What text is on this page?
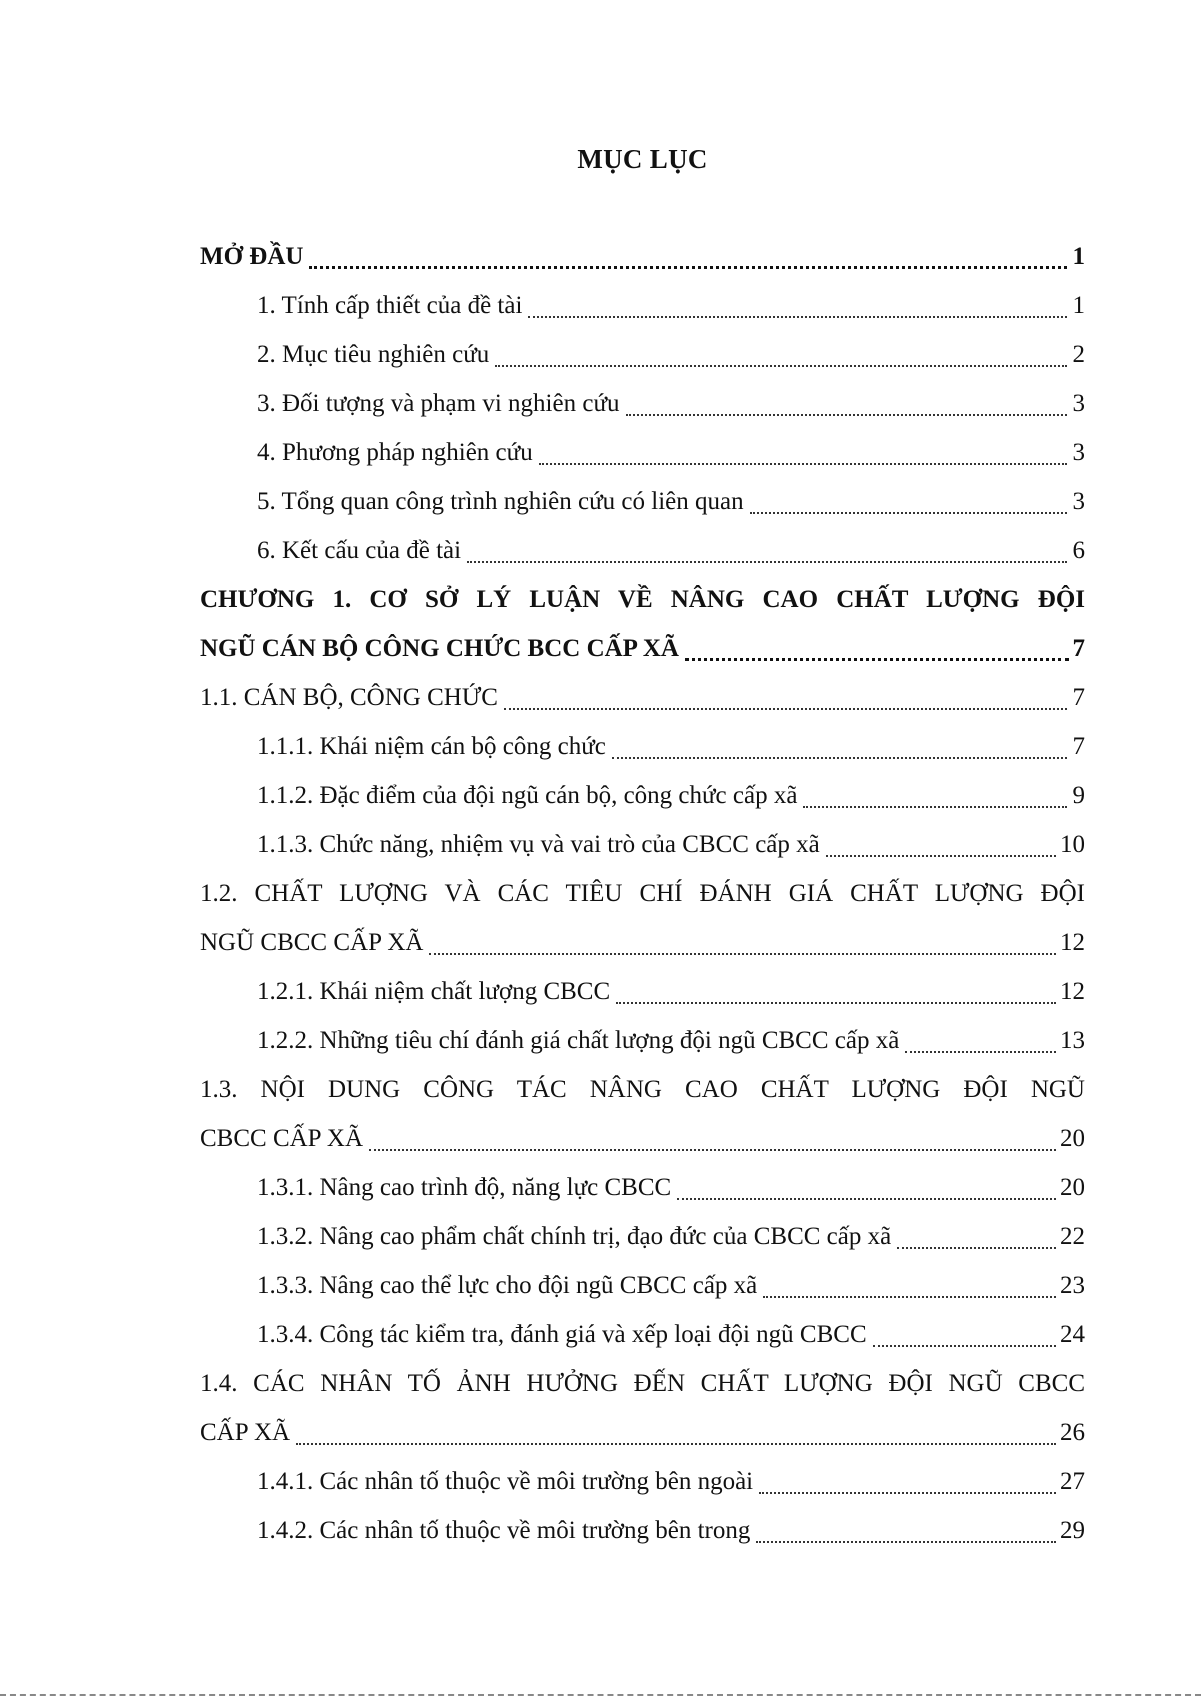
MỤC LỤC
MỞ ĐẦU	1
1. Tính cấp thiết của đề tài	1
2. Mục tiêu nghiên cứu	2
3. Đối tượng và phạm vi nghiên cứu	3
4. Phương pháp nghiên cứu	3
5. Tổng quan công trình nghiên cứu có liên quan	3
6. Kết cấu của đề tài	6
CHƯƠNG 1. CƠ SỞ LÝ LUẬN VỀ NÂNG CAO CHẤT LƯỢNG ĐỘI
NGŨ CÁN BỘ CÔNG CHỨC BCC CẤP XÃ	7
1.1. CÁN BỘ, CÔNG CHỨC	7
1.1.1. Khái niệm cán bộ công chức	7
1.1.2. Đặc điểm của đội ngũ cán bộ, công chức cấp xã	9
1.1.3. Chức năng, nhiệm vụ và vai trò của CBCC cấp xã	10
1.2. CHẤT LƯỢNG VÀ CÁC TIÊU CHÍ ĐÁNH GIÁ CHẤT LƯỢNG ĐỘI
NGŨ CBCC CẤP XÃ	12
1.2.1. Khái niệm chất lượng CBCC	12
1.2.2. Những tiêu chí đánh giá chất lượng đội ngũ CBCC cấp xã	13
1.3. NỘI DUNG CÔNG TÁC NÂNG CAO CHẤT LƯỢNG ĐỘI NGŨ
CBCC CẤP XÃ	20
1.3.1. Nâng cao trình độ, năng lực CBCC	20
1.3.2. Nâng cao phẩm chất chính trị, đạo đức của CBCC cấp xã	22
1.3.3. Nâng cao thể lực cho đội ngũ CBCC cấp xã	23
1.3.4. Công tác kiểm tra, đánh giá và xếp loại đội ngũ CBCC	24
1.4. CÁC NHÂN TỐ ẢNH HƯỞNG ĐẾN CHẤT LƯỢNG ĐỘI NGŨ CBCC
CẤP XÃ	26
1.4.1. Các nhân tố thuộc về môi trường bên ngoài	27
1.4.2. Các nhân tố thuộc về môi trường bên trong	29
